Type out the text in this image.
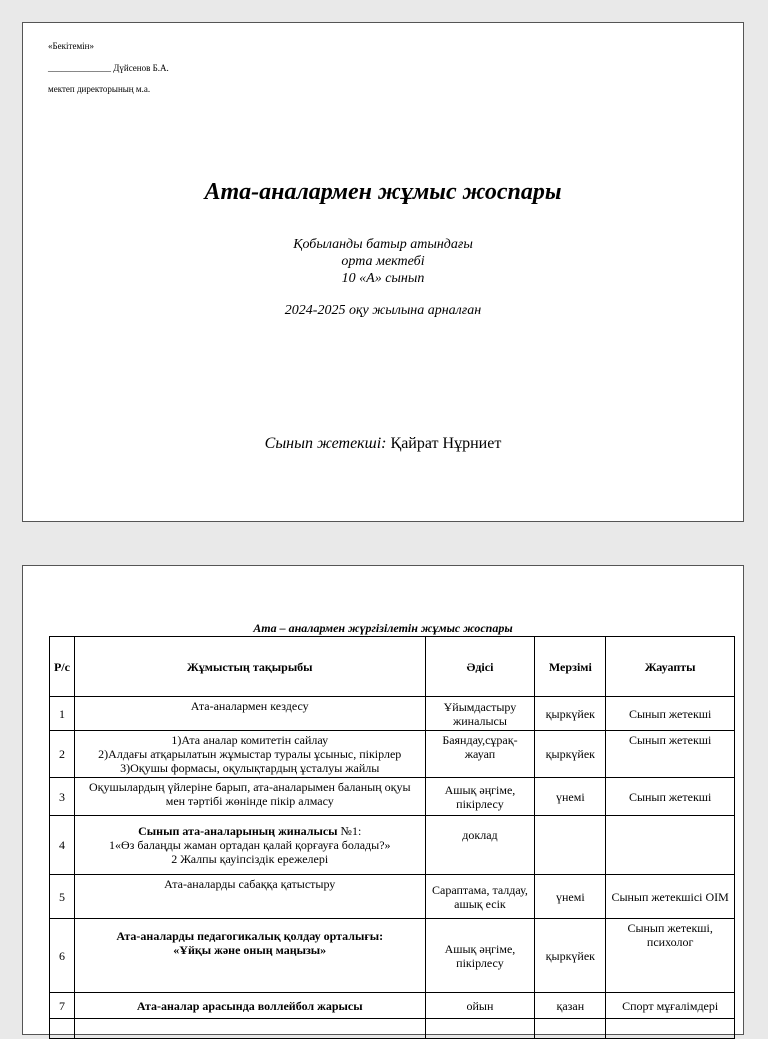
«Бекітемін»
______________ Дүйсенов Б.А.
мектеп директорының м.а.
Ата-аналармен жұмыс жоспары
Қобыланды батыр атындағы
орта мектебі
10 «А» сынып
2024-2025 оқу жылына арналған
Сынып жетекші: Қайрат Нұрниет
Ата – аналармен жүргізілетін жұмыс жоспары
Р/с	Жұмыстың тақырыбы	Әдісі	Мерзімі	Жауапты
1	Ата-аналармен кездесу	Ұйымдастыру жиналысы	қыркүйек	Сынып жетекші
2	1)Ата аналар комитетін сайлау
2)Алдағы атқарылатын жұмыстар туралы ұсыныс, пікірлер
3)Оқушы формасы, оқулықтардың ұсталуы жайлы	Баяндау,сұрақ-жауап	қыркүйек	Сынып жетекші
3	Оқушылардың үйлеріне барып, ата-аналарымен баланың оқуы мен тәртібі жөнінде пікір алмасу	Ашық әңгіме, пікірлесу	үнемі	Сынып жетекші
4	Сынып ата-аналарының жиналысы №1:
1«Өз балаңды жаман ортадан қалай қорғауға болады?»
2 Жалпы қауіпсіздік ережелері	доклад		
5	Ата-аналарды сабаққа қатыстыру	Сараптама, талдау, ашық есік	үнемі	Сынып жетекшісі ОІМ
6	Ата-аналарды педагогикалық қолдау орталығы:
«Ұйқы және оның маңызы»	Ашық әңгіме, пікірлесу	қыркүйек	Сынып жетекші, психолог
7	Ата-аналар арасында воллейбол жарысы	ойын	қазан	Спорт мұғалімдері
